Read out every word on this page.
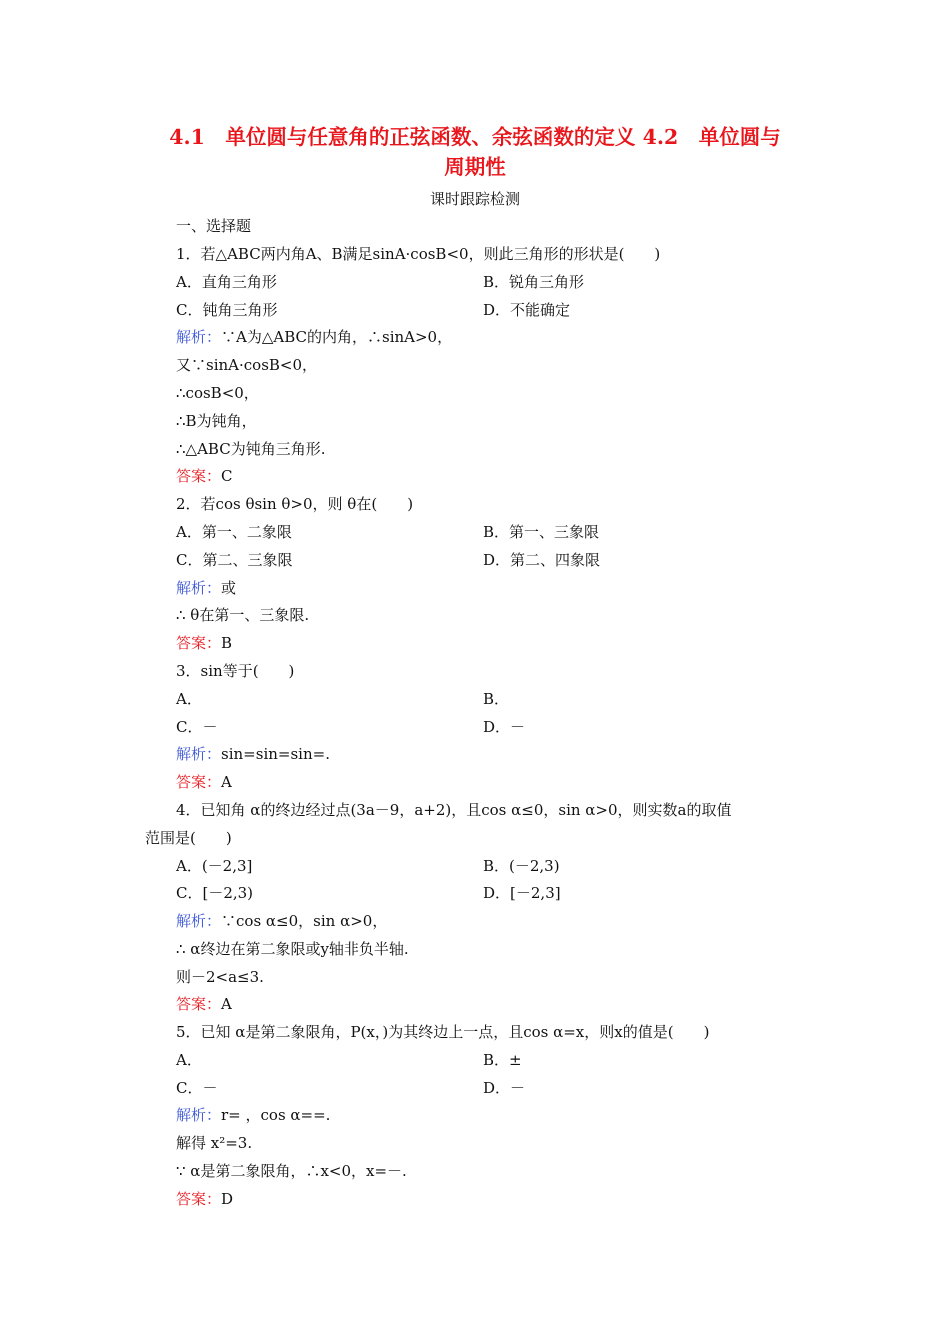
4.1　单位圆与任意角的正弦函数、余弦函数的定义 4.2　单位圆与
周期性
课时跟踪检测
一、选择题
1．若△ABC两内角A、B满足sinA·cosB<0，则此三角形的形状是(　　)
A．直角三角形	B．锐角三角形
C．钝角三角形	D．不能确定
解析：∵A为△ABC的内角，∴sinA>0，
又∵sinA·cosB<0，
∴cosB<0，
∴B为钝角，
∴△ABC为钝角三角形.
答案：C
2．若cos θsin θ>0，则 θ在(　　)
A．第一、二象限	B．第一、三象限
C．第二、三象限	D．第二、四象限
解析：或
∴ θ在第一、三象限.
答案：B
3．sin等于(　　)
A．	B．
C．－	D．－
解析：sin=sin=sin=.
答案：A
4．已知角 α的终边经过点(3a－9，a+2)，且cos α≤0，sin α>0，则实数a的取值
范围是(　　)
A．(－2,3]	B．(－2,3)
C．[－2,3)	D．[－2,3]
解析：∵cos α≤0，sin α>0，
∴ α终边在第二象限或y轴非负半轴.
则－2<a≤3.
答案：A
5．已知 α是第二象限角，P(x，)为其终边上一点，且cos α=x，则x的值是(　　)
A．	B．±
C．－	D．－
解析：r= ，cos α==.
解得 x²=3.
∵ α是第二象限角，∴x<0，x=－.
答案：D
